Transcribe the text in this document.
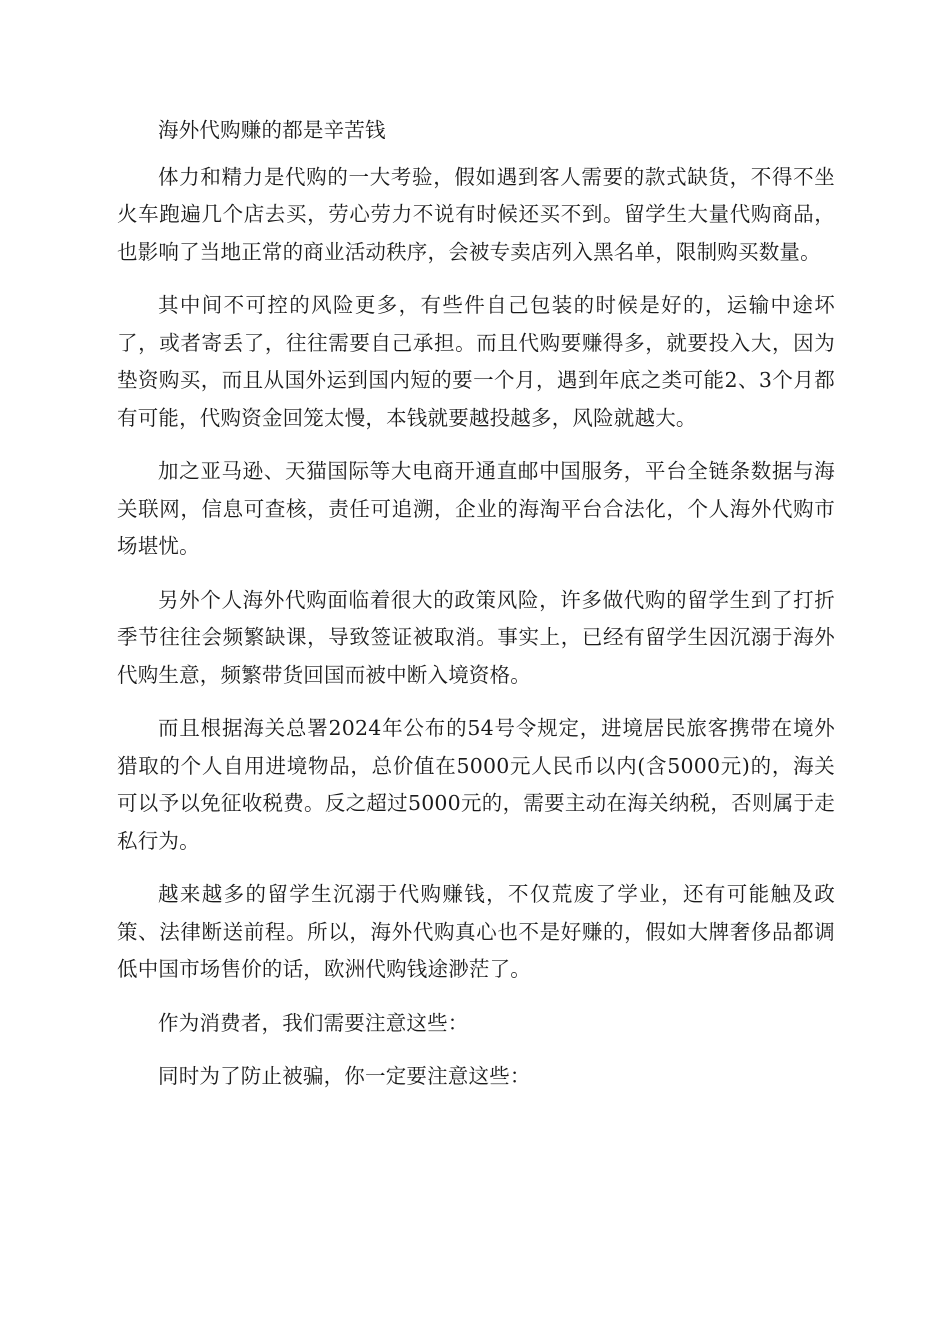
海外代购赚的都是辛苦钱

体力和精力是代购的一大考验，假如遇到客人需要的款式缺货，不得不坐火车跑遍几个店去买，劳心劳力不说有时候还买不到。留学生大量代购商品，也影响了当地正常的商业活动秩序，会被专卖店列入黑名单，限制购买数量。

其中间不可控的风险更多，有些件自己包装的时候是好的，运输中途坏了，或者寄丢了，往往需要自己承担。而且代购要赚得多，就要投入大，因为垫资购买，而且从国外运到国内短的要一个月，遇到年底之类可能2、3个月都有可能，代购资金回笼太慢，本钱就要越投越多，风险就越大。

加之亚马逊、天猫国际等大电商开通直邮中国服务，平台全链条数据与海关联网，信息可查核，责任可追溯，企业的海淘平台合法化，个人海外代购市场堪忧。

另外个人海外代购面临着很大的政策风险，许多做代购的留学生到了打折季节往往会频繁缺课，导致签证被取消。事实上，已经有留学生因沉溺于海外代购生意，频繁带货回国而被中断入境资格。

而且根据海关总署2024年公布的54号令规定，进境居民旅客携带在境外猎取的个人自用进境物品，总价值在5000元人民币以内(含5000元)的，海关可以予以免征收税费。反之超过5000元的，需要主动在海关纳税，否则属于走私行为。

越来越多的留学生沉溺于代购赚钱，不仅荒废了学业，还有可能触及政策、法律断送前程。所以，海外代购真心也不是好赚的，假如大牌奢侈品都调低中国市场售价的话，欧洲代购钱途渺茫了。

作为消费者，我们需要注意这些：

同时为了防止被骗，你一定要注意这些：
